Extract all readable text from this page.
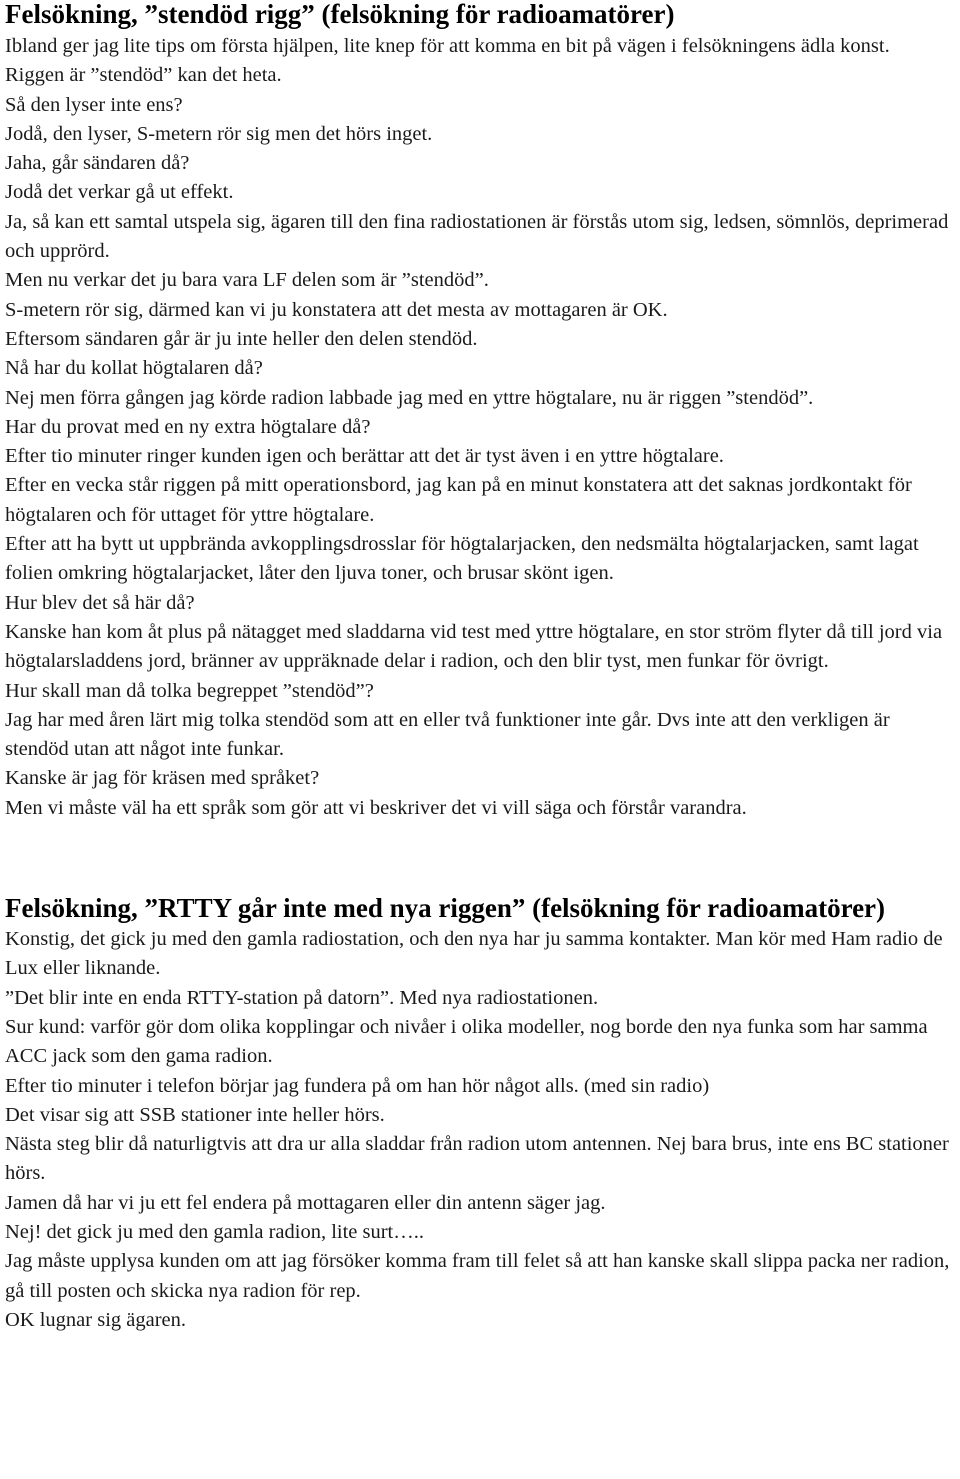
Felsökning, ”stendöd rigg” (felsökning för radioamatörer)

Ibland ger jag lite tips om första hjälpen, lite knep för att komma en bit på vägen i felsökningens ädla konst.

Riggen är ”stendöd” kan det heta.

Så den lyser inte ens?

Jodå, den lyser, S-metern rör sig men det hörs inget.

Jaha, går sändaren då?

Jodå det verkar gå ut effekt.

Ja, så kan ett samtal utspela sig, ägaren till den fina radiostationen är förstås utom sig, ledsen, sömnlös, deprimerad och upprörd.

Men nu verkar det ju bara vara LF delen som är ”stendöd”.

S-metern rör sig, därmed kan vi ju konstatera att det mesta av mottagaren är OK.

Eftersom sändaren går är ju inte heller den delen stendöd.

Nå har du kollat högtalaren då?

Nej men förra gången jag körde radion labbade jag med en yttre högtalare, nu är riggen ”stendöd”.

Har du provat med en ny extra högtalare då?

Efter tio minuter ringer kunden igen och berättar att det är tyst även i en yttre högtalare.

Efter en vecka står riggen på mitt operationsbord, jag kan på en minut konstatera att det saknas jordkontakt för högtalaren och för uttaget för yttre högtalare.

Efter att ha bytt ut uppbrända avkopplingsdrosslar för högtalarjacken, den nedsmälta högtalarjacken, samt lagat folien omkring högtalarjacket, låter den ljuva toner, och brusar skönt igen.

Hur blev det så här då?

Kanske han kom åt plus på nätagget med sladdarna vid test med yttre högtalare, en stor ström flyter då till jord via högtalarsladdens jord, bränner av uppräknade delar i radion, och den blir tyst, men funkar för övrigt.

Hur skall man då tolka begreppet ”stendöd”?

Jag har med åren lärt mig tolka stendöd som att en eller två funktioner inte går. Dvs inte att den verkligen är stendöd utan att något inte funkar.

Kanske är jag för kräsen med språket?

Men vi måste väl ha ett språk som gör att vi beskriver det vi vill säga och förstår varandra.

Felsökning, ”RTTY går inte med nya riggen” (felsökning för radioamatörer)

Konstig, det gick ju med den gamla radiostation, och den nya har ju samma kontakter. Man kör med Ham radio de Lux eller liknande.

”Det blir inte en enda RTTY-station på datorn”. Med nya radiostationen.

Sur kund: varför gör dom olika kopplingar och nivåer i olika modeller, nog borde den nya funka som har samma ACC jack som den gama radion.

Efter tio minuter i telefon börjar jag fundera på om han hör något alls. (med sin radio)

Det visar sig att SSB stationer inte heller hörs.

Nästa steg blir då naturligtvis att dra ur alla sladdar från radion utom antennen. Nej bara brus, inte ens BC stationer hörs.

Jamen då har vi ju ett fel endera på mottagaren eller din antenn säger jag.

Nej! det gick ju med den gamla radion, lite surt…..

Jag måste upplysa kunden om att jag försöker komma fram till felet så att han kanske skall slippa packa ner radion, gå till posten och skicka nya radion för rep.

OK lugnar sig ägaren.
